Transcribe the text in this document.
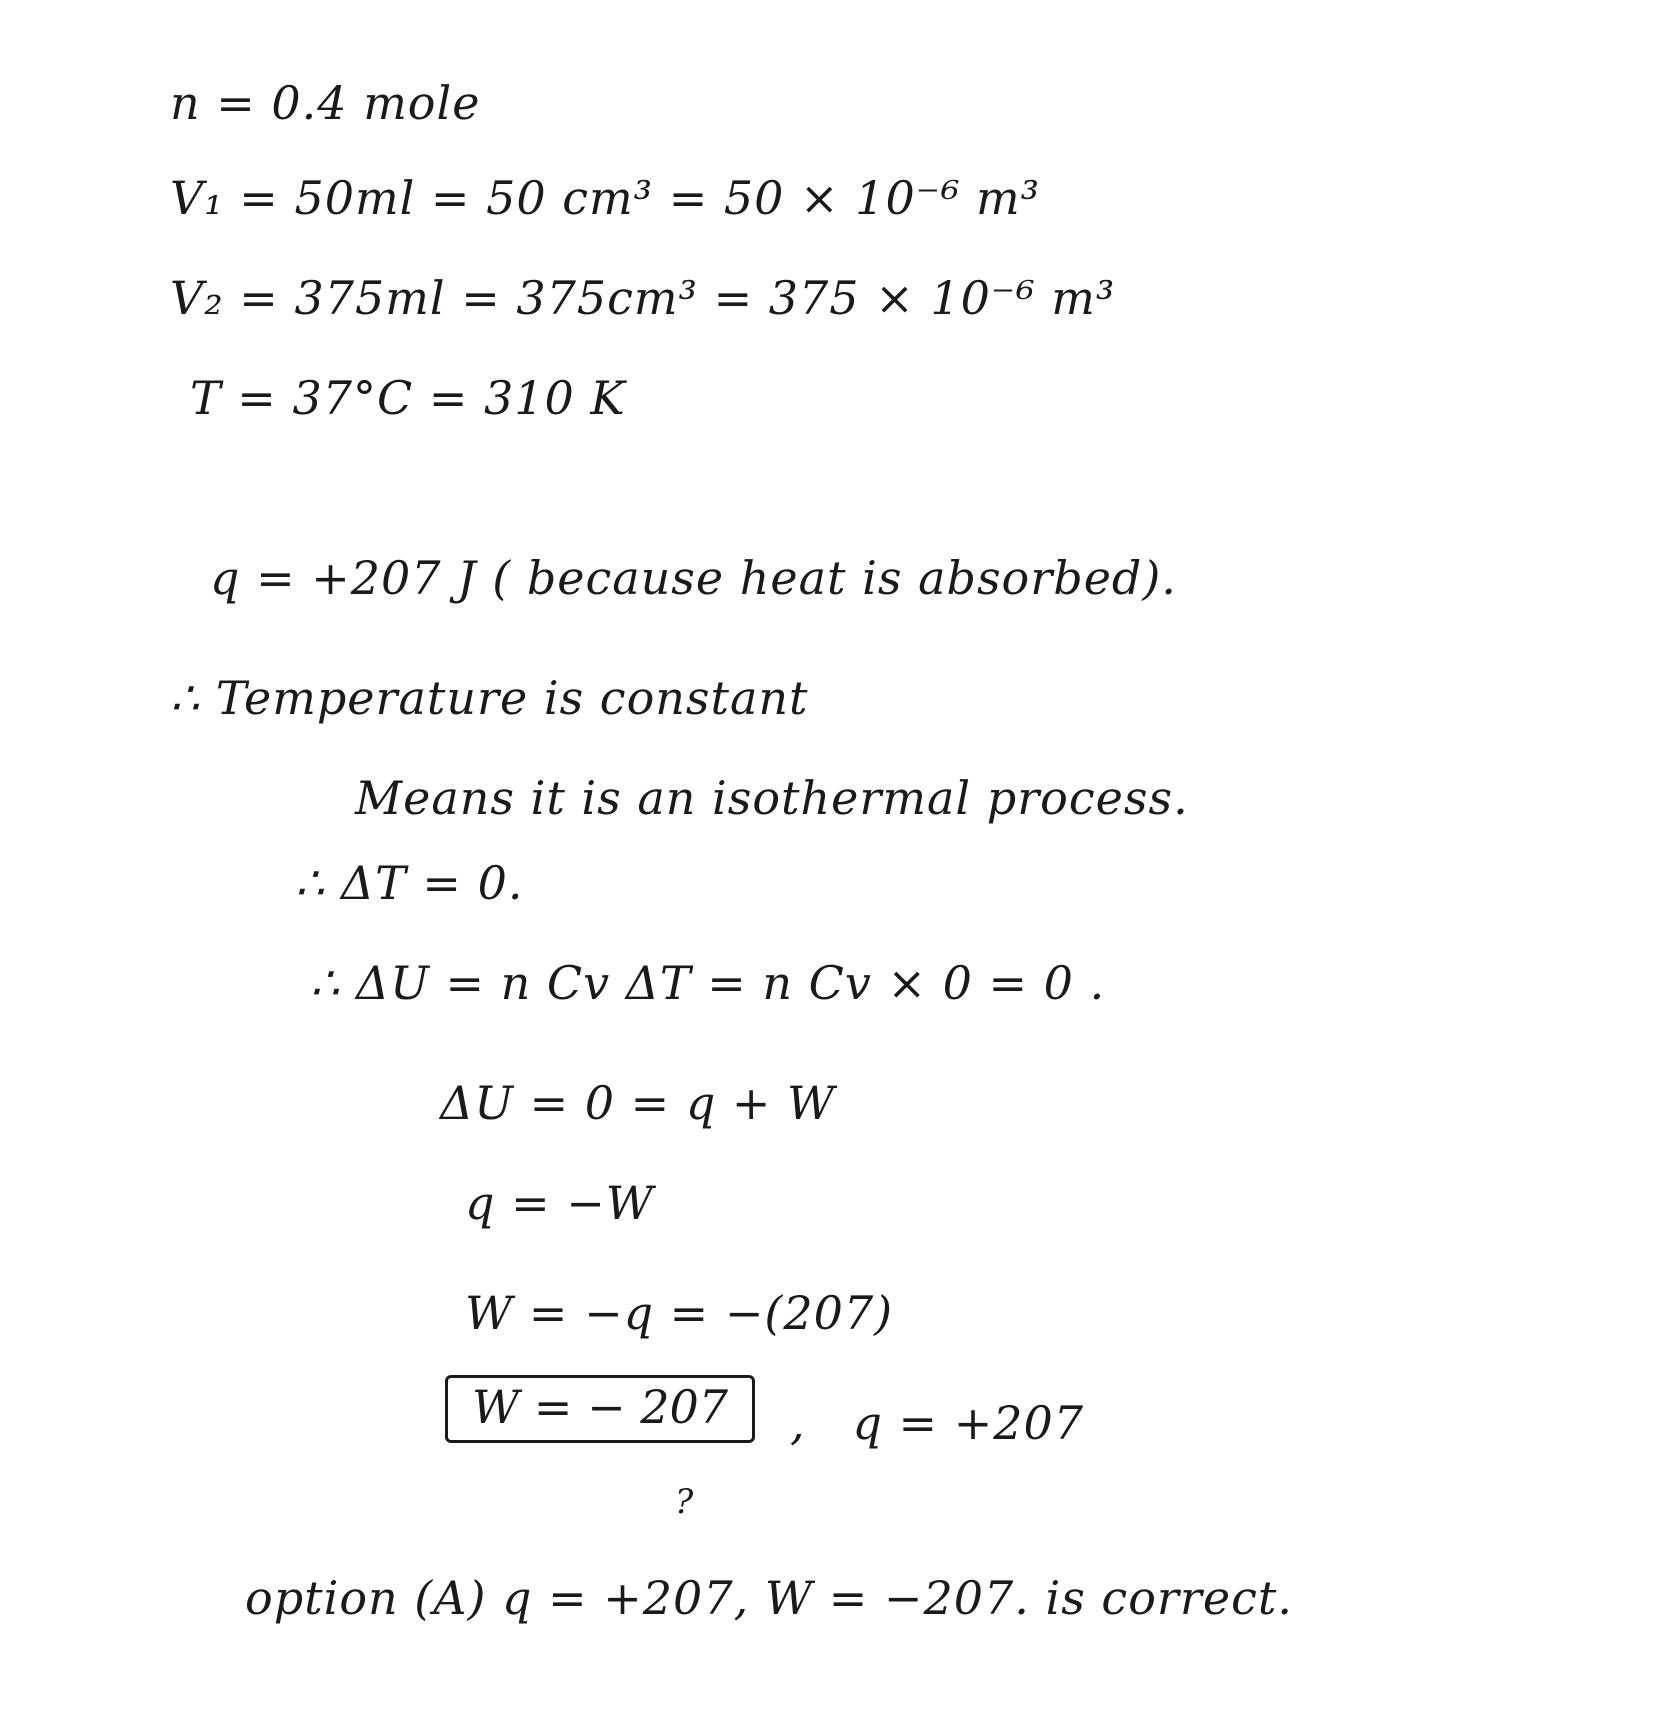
n = 0.4 mole
V₁ = 50ml = 50 cm³ = 50 × 10⁻⁶ m³
V₂ = 375ml = 375cm³ = 375 × 10⁻⁶ m³
T = 37°C = 310 K
q = +207 J ( because heat is absorbed).
∴ Temperature is constant
Means it is an isothermal process.
∴ ΔT = 0.
∴ ΔU = n Cv ΔT = n Cv × 0 = 0 .
ΔU = 0 = q + W
q = −W
W = −q = −(207)
W = − 207	,   q = +207
?
option (A) q = +207, W = −207. is correct.
